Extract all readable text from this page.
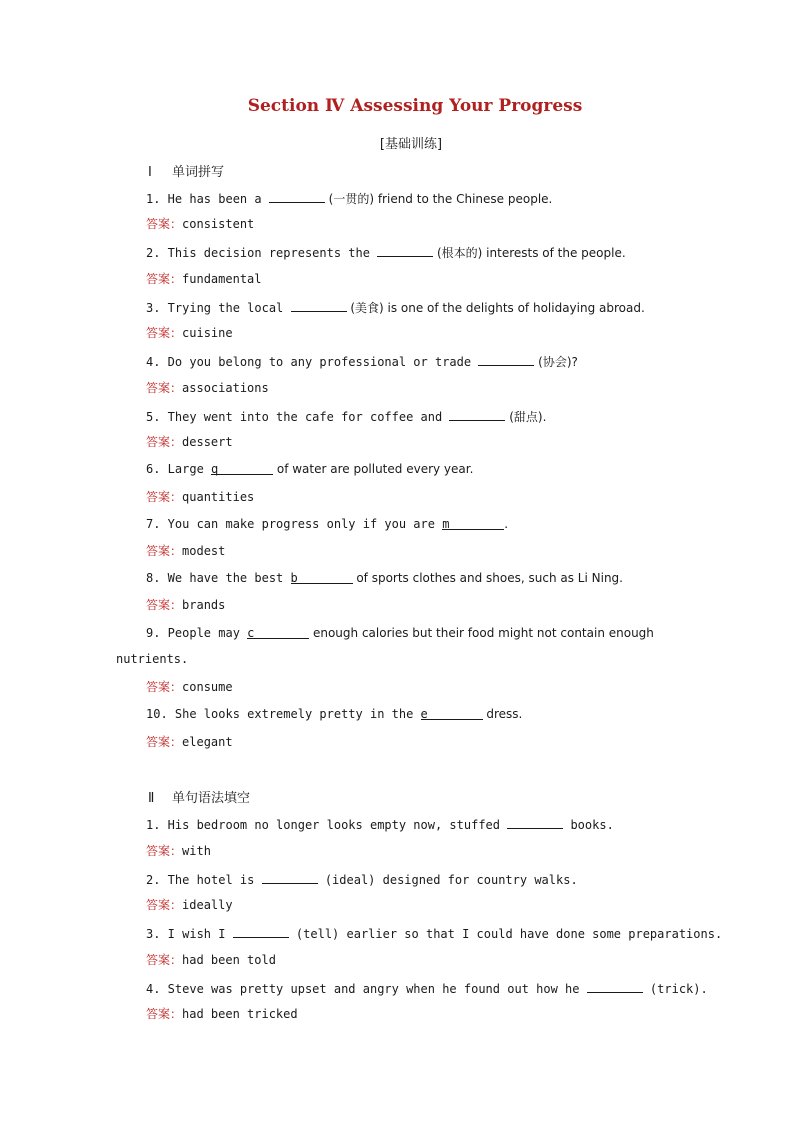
Section Ⅳ Assessing Your Progress
[基础训练]
Ⅰ 单词拼写
1. He has been a	(一贯的) friend to the Chinese people.
答案：consistent
2. This decision represents the	(根本的) interests of the people.
答案：fundamental
3. Trying the local	(美食) is one of the delights of holidaying abroad.
答案：cuisine
4. Do you belong to any professional or trade	(协会)?
答案：associations
5. They went into the cafe for coffee and	(甜点).
答案：dessert
6. Large q	of water are polluted every year.
答案：quantities
7. You can make progress only if you are m	.
答案：modest
8. We have the best b	of sports clothes and shoes, such as Li Ning.
答案：brands
9. People may c	enough calories but their food might not contain enough
nutrients.
答案：consume
10. She looks extremely pretty in the e	dress.
答案：elegant
Ⅱ 单句语法填空
1. His bedroom no longer looks empty now, stuffed	books.
答案：with
2. The hotel is	(ideal) designed for country walks.
答案：ideally
3. I wish I	(tell) earlier so that I could have done some preparations.
答案：had been told
4. Steve was pretty upset and angry when he found out how he	(trick).
答案：had been tricked
